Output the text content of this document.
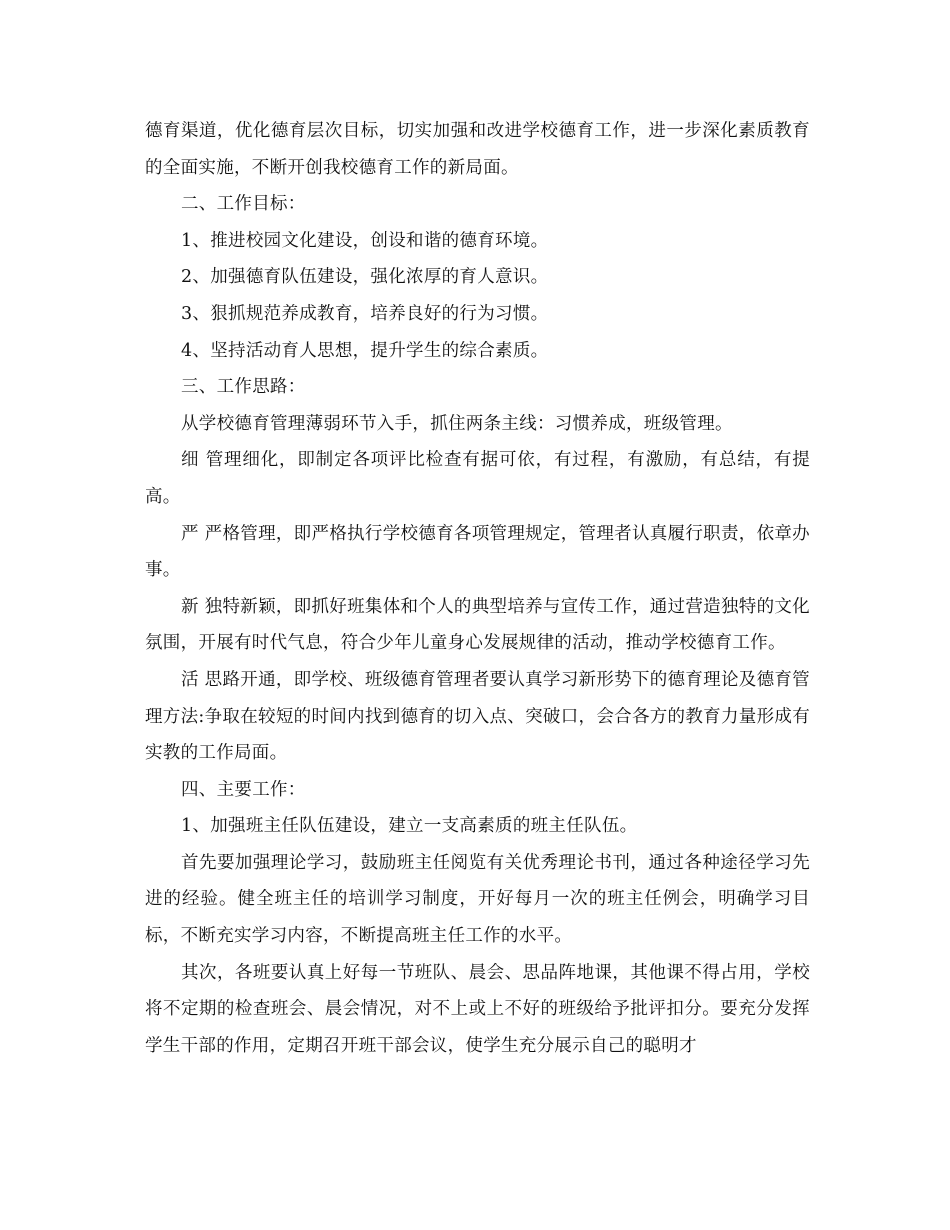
德育渠道，优化德育层次目标，切实加强和改进学校德育工作，进一步深化素质教育的全面实施，不断开创我校德育工作的新局面。

二、工作目标：

1、推进校园文化建设，创设和谐的德育环境。

2、加强德育队伍建设，强化浓厚的育人意识。

3、狠抓规范养成教育，培养良好的行为习惯。

4、坚持活动育人思想，提升学生的综合素质。

三、工作思路：

从学校德育管理薄弱环节入手，抓住两条主线：习惯养成，班级管理。

细 管理细化，即制定各项评比检查有据可依，有过程，有激励，有总结，有提高。

严 严格管理，即严格执行学校德育各项管理规定，管理者认真履行职责，依章办事。

新 独特新颖，即抓好班集体和个人的典型培养与宣传工作，通过营造独特的文化氛围，开展有时代气息，符合少年儿童身心发展规律的活动，推动学校德育工作。

活 思路开通，即学校、班级德育管理者要认真学习新形势下的德育理论及德育管理方法:争取在较短的时间内找到德育的切入点、突破口，会合各方的教育力量形成有实教的工作局面。

四、主要工作：

1、加强班主任队伍建设，建立一支高素质的班主任队伍。

首先要加强理论学习，鼓励班主任阅览有关优秀理论书刊，通过各种途径学习先进的经验。健全班主任的培训学习制度，开好每月一次的班主任例会，明确学习目标，不断充实学习内容，不断提高班主任工作的水平。

其次，各班要认真上好每一节班队、晨会、思品阵地课，其他课不得占用，学校将不定期的检查班会、晨会情况，对不上或上不好的班级给予批评扣分。要充分发挥学生干部的作用，定期召开班干部会议，使学生充分展示自己的聪明才
